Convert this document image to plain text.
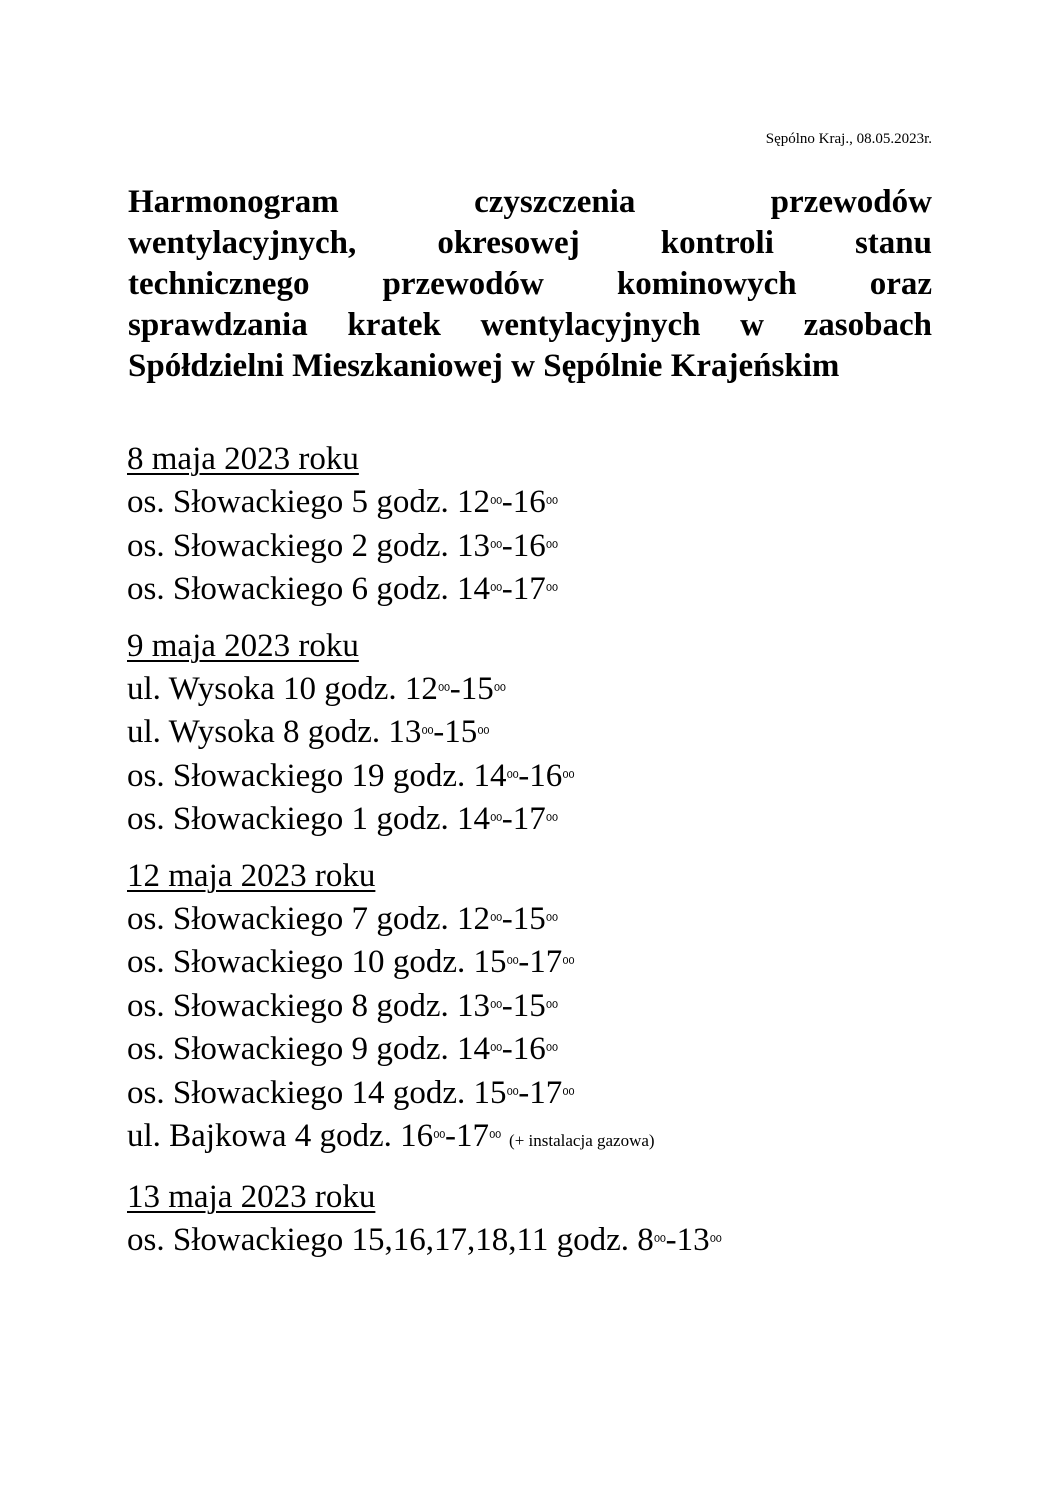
Sępólno Kraj., 08.05.2023r.
Harmonogram czyszczenia przewodów
wentylacyjnych, okresowej kontroli stanu
technicznego przewodów kominowych oraz
sprawdzania kratek wentylacyjnych w zasobach
Spółdzielni Mieszkaniowej w Sępólnie Krajeńskim
8 maja 2023 roku
os. Słowackiego 5 godz. $12^{^{00}}-16^{^{00}}$
os. Słowackiego 2 godz. $13^{^{00}}-16^{^{00}}$
os. Słowackiego 6 godz. $14^{^{00}}-17^{^{00}}$
9 maja 2023 roku
ul. Wysoka 10 godz. $12^{^{00}}-15^{^{00}}$
ul. Wysoka 8 godz. $13^{^{00}}-15^{^{00}}$
os. Słowackiego 19 godz. $14^{^{00}}-16^{^{00}}$
os. Słowackiego 1 godz. $14^{^{00}}-17^{^{00}}$
12 maja 2023 roku
os. Słowackiego 7 godz. $12^{^{00}}-15^{^{00}}$
os. Słowackiego 10 godz. $15^{^{00}}-17^{^{00}}$
os. Słowackiego 8 godz. $13^{^{00}}-15^{^{00}}$
os. Słowackiego 9 godz. $14^{^{00}}-16^{^{00}}$
os. Słowackiego 14 godz. $15^{^{00}}-17^{^{00}}$
ul. Bajkowa 4 godz. $16^{^{00}}-17^{^{00}}$ (+ instalacja gazowa)
13 maja 2023 roku
os. Słowackiego 15,16,17,18,11 godz. $8^{^{00}}-13^{^{00}}$
